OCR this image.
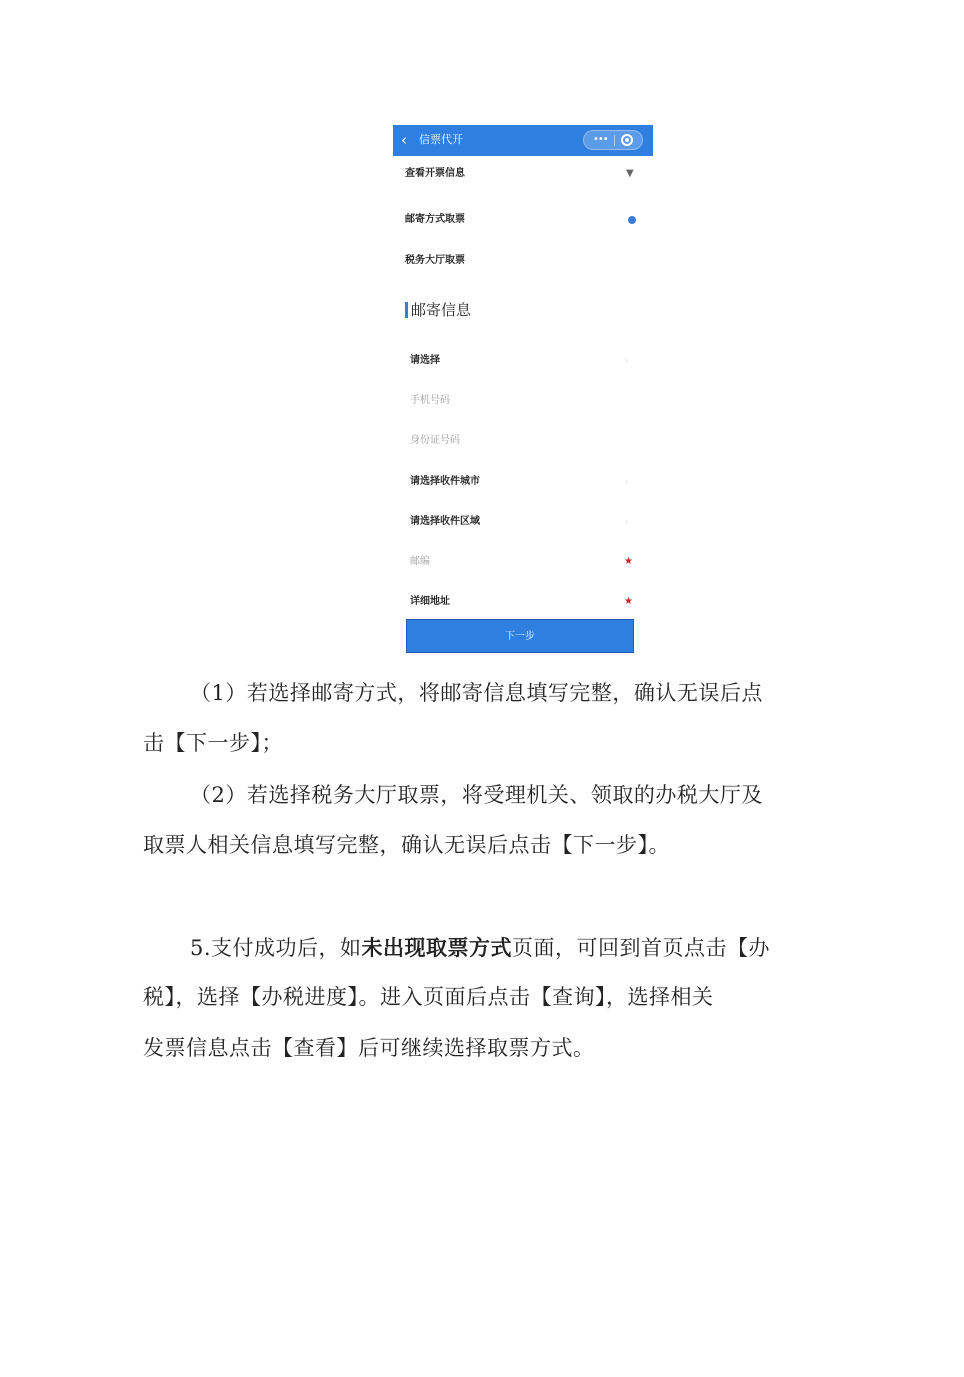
‹ 信票代开	•••
查看开票信息	▼
邮寄方式取票
税务大厅取票
邮寄信息
请选择	›
手机号码
身份证号码
请选择收件城市	›
请选择收件区域	›
邮编	★
详细地址	★
下一步

（1）若选择邮寄方式，将邮寄信息填写完整，确认无误后点

击【下一步】；

（2）若选择税务大厅取票，将受理机关、领取的办税大厅及

取票人相关信息填写完整，确认无误后点击【下一步】。

5.支付成功后，如未出现取票方式页面，可回到首页点击【办

税】，选择【办税进度】。进入页面后点击【查询】，选择相关

发票信息点击【查看】后可继续选择取票方式。
